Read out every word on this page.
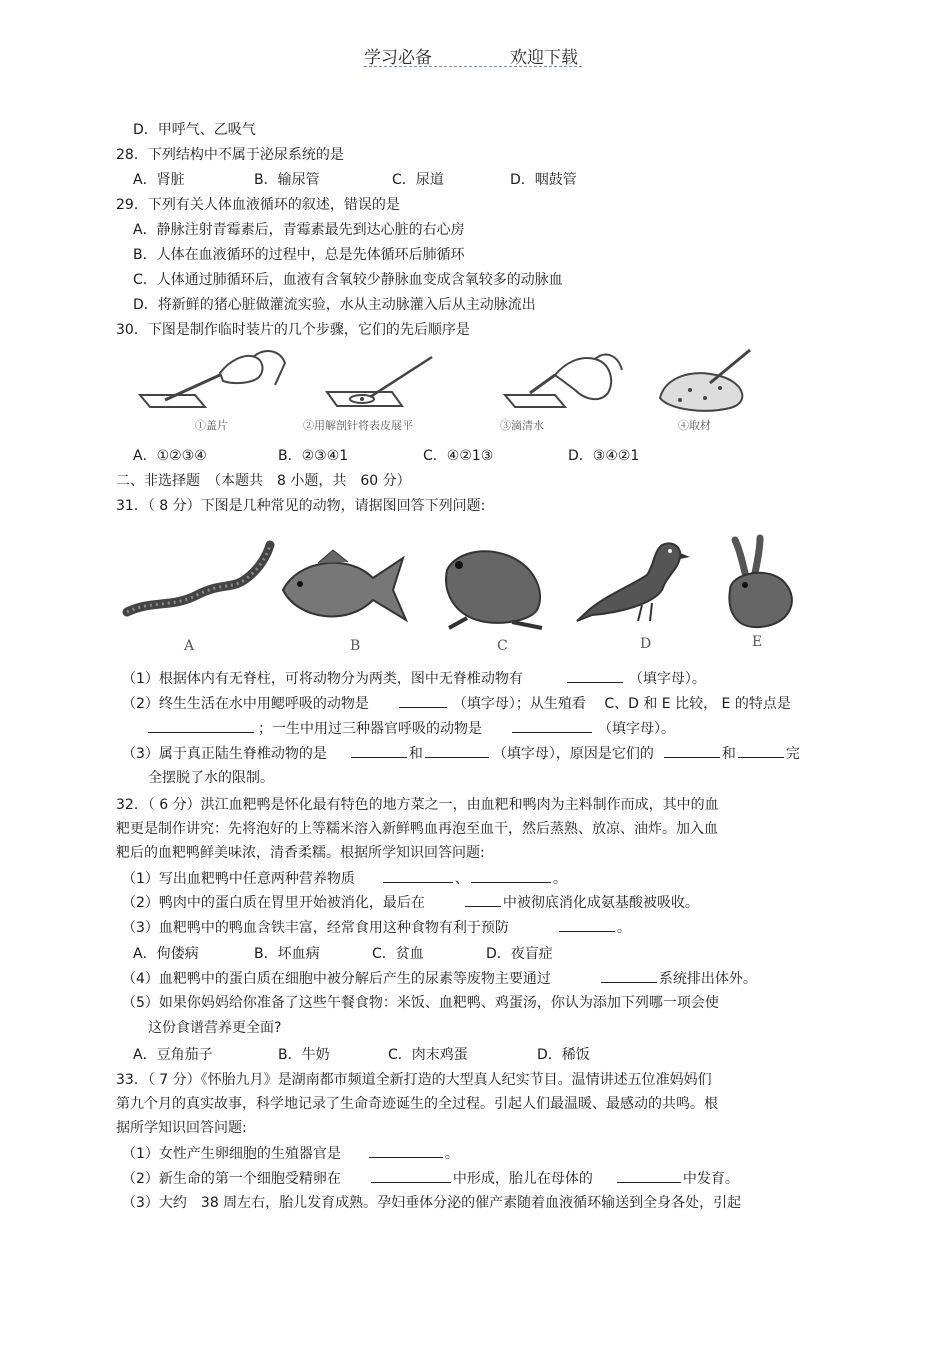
学习必备	欢迎下载
D．甲呼气、乙吸气
28．下列结构中不属于泌尿系统的是
A．肾脏	B．输尿管	C．尿道	D．咽鼓管
29．下列有关人体血液循环的叙述，错误的是
A．静脉注射青霉素后，青霉素最先到达心脏的右心房
B．人体在血液循环的过程中，总是先体循环后肺循环
C．人体通过肺循环后，血液有含氧较少静脉血变成含氧较多的动脉血
D．将新鲜的猪心脏做灌流实验，水从主动脉灌入后从主动脉流出
30．下图是制作临时装片的几个步骤，它们的先后顺序是
①盖片	②用解剖针将表皮展平	③滴清水	④取材
A．①②③④	B．②③④1	C．④②1③	D．③④②1
二、非选择题　（本题共　8 小题，共　60 分）
31．（ 8 分）下图是几种常见的动物，请据图回答下列问题:
A	B	C	D	E
（1）根据体内有无脊柱，可将动物分为两类，图中无脊椎动物有	（填字母）。
（2）终生生活在水中用鳃呼吸的动物是	（填字母）；从生殖看　 C、D 和 E 比较， E 的特点是
；一生中用过三种器官呼吸的动物是	（填字母）。
（3）属于真正陆生脊椎动物的是	和	（填字母），原因是它们的	和	完
全摆脱了水的限制。
32．（ 6 分）洪江血粑鸭是怀化最有特色的地方菜之一，由血粑和鸭肉为主料制作而成，其中的血
粑更是制作讲究：先将泡好的上等糯米溶入新鲜鸭血再泡至血干，然后蒸熟、放凉、油炸。加入血
粑后的血粑鸭鲜美味浓，清香柔糯。根据所学知识回答问题:
（1）写出血粑鸭中任意两种营养物质	、	。
（2）鸭肉中的蛋白质在胃里开始被消化，最后在	中被彻底消化成氨基酸被吸收。
（3）血粑鸭中的鸭血含铁丰富，经常食用这种食物有利于预防	。
A．佝偻病	B．坏血病	C．贫血	D．夜盲症
（4）血粑鸭中的蛋白质在细胞中被分解后产生的尿素等废物主要通过	系统排出体外。
（5）如果你妈妈给你准备了这些午餐食物：米饭、血粑鸭、鸡蛋汤，你认为添加下列哪一项会使
这份食谱营养更全面?
A．豆角茄子	B．牛奶	C．肉末鸡蛋	D．稀饭
33．（ 7 分）《怀胎九月》是湖南都市频道全新打造的大型真人纪实节目。温情讲述五位准妈妈们
第九个月的真实故事，科学地记录了生命奇迹诞生的全过程。引起人们最温暖、最感动的共鸣。根
据所学知识回答问题:
（1）女性产生卵细胞的生殖器官是	。
（2）新生命的第一个细胞受精卵在	中形成，胎儿在母体的	中发育。
（3）大约　38 周左右，胎儿发育成熟。孕妇垂体分泌的催产素随着血液循环输送到全身各处，引起
